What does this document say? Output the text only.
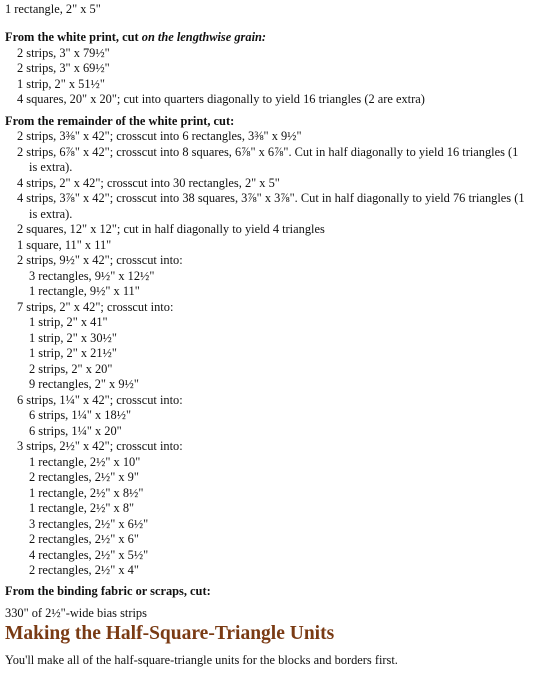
1 rectangle, 2" x 5"
From the white print, cut on the lengthwise grain:
2 strips, 3" x 79½"
2 strips, 3" x 69½"
1 strip, 2" x 51½"
4 squares, 20" x 20"; cut into quarters diagonally to yield 16 triangles (2 are extra)
From the remainder of the white print, cut:
2 strips, 3⅜" x 42"; crosscut into 6 rectangles, 3⅜" x 9½"
2 strips, 6⅞" x 42"; crosscut into 8 squares, 6⅞" x 6⅞". Cut in half diagonally to yield 16 triangles (1
is extra).
4 strips, 2" x 42"; crosscut into 30 rectangles, 2" x 5"
4 strips, 3⅞" x 42"; crosscut into 38 squares, 3⅞" x 3⅞". Cut in half diagonally to yield 76 triangles (1
is extra).
2 squares, 12" x 12"; cut in half diagonally to yield 4 triangles
1 square, 11" x 11"
2 strips, 9½" x 42"; crosscut into:
3 rectangles, 9½" x 12½"
1 rectangle, 9½" x 11"
7 strips, 2" x 42"; crosscut into:
1 strip, 2" x 41"
1 strip, 2" x 30½"
1 strip, 2" x 21½"
2 strips, 2" x 20"
9 rectangles, 2" x 9½"
6 strips, 1¼" x 42"; crosscut into:
6 strips, 1¼" x 18½"
6 strips, 1¼" x 20"
3 strips, 2½" x 42"; crosscut into:
1 rectangle, 2½" x 10"
2 rectangles, 2½" x 9"
1 rectangle, 2½" x 8½"
1 rectangle, 2½" x 8"
3 rectangles, 2½" x 6½"
2 rectangles, 2½" x 6"
4 rectangles, 2½" x 5½"
2 rectangles, 2½" x 4"
From the binding fabric or scraps, cut:
330" of 2½"-wide bias strips
Making the Half-Square-Triangle Units
You'll make all of the half-square-triangle units for the blocks and borders first.
